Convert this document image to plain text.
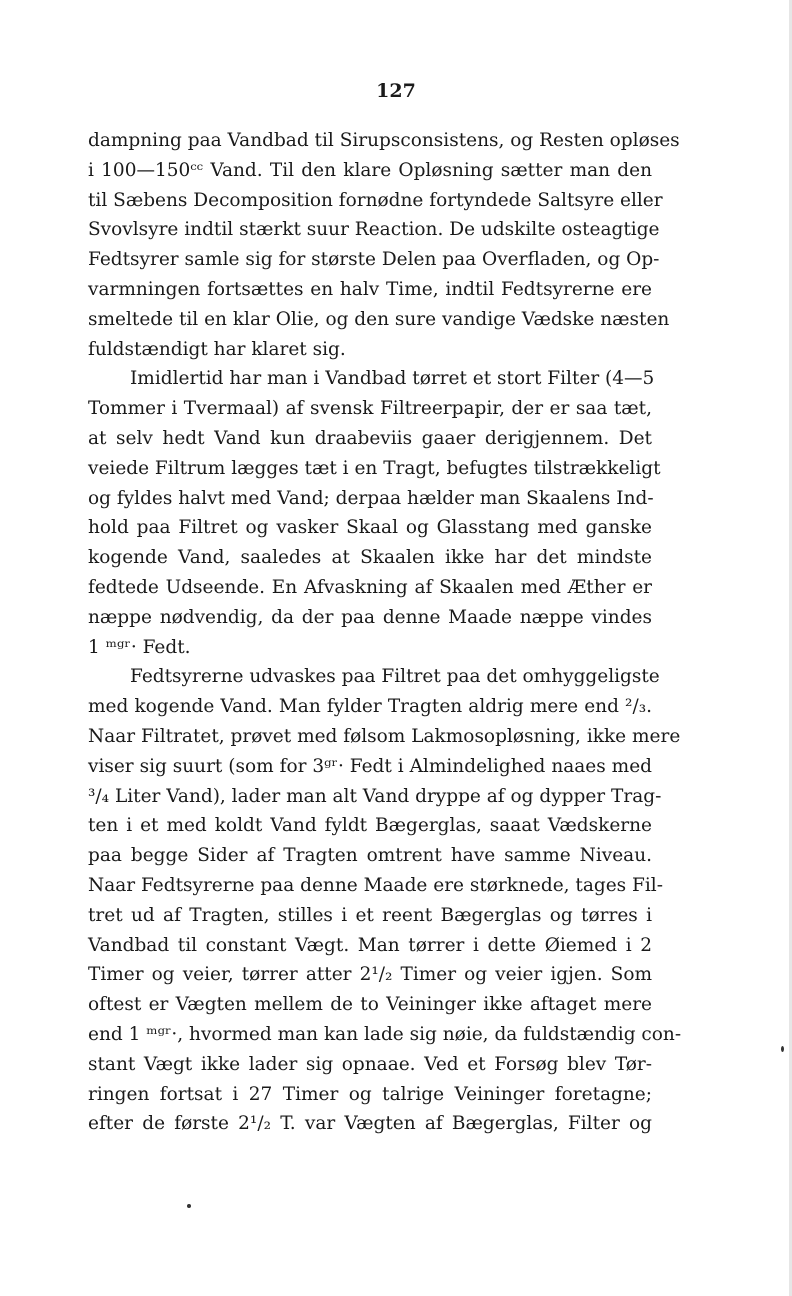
127
dampning paa Vandbad til Sirupsconsistens, og Resten opløses
i 100—150ᶜᶜ Vand. Til den klare Opløsning sætter man den
til Sæbens Decomposition fornødne fortyndede Saltsyre eller
Svovlsyre indtil stærkt suur Reaction. De udskilte osteagtige
Fedtsyrer samle sig for største Delen paa Overfladen, og Op-
varmningen fortsættes en halv Time, indtil Fedtsyrerne ere
smeltede til en klar Olie, og den sure vandige Vædske næsten
fuldstændigt har klaret sig.
Imidlertid har man i Vandbad tørret et stort Filter (4—5
Tommer i Tvermaal) af svensk Filtreerpapir, der er saa tæt,
at selv hedt Vand kun draabeviis gaaer derigjennem. Det
veiede Filtrum lægges tæt i en Tragt, befugtes tilstrækkeligt
og fyldes halvt med Vand; derpaa hælder man Skaalens Ind-
hold paa Filtret og vasker Skaal og Glasstang med ganske
kogende Vand, saaledes at Skaalen ikke har det mindste
fedtede Udseende. En Afvaskning af Skaalen med Æther er
næppe nødvendig, da der paa denne Maade næppe vindes
1 ᵐᵍʳ· Fedt.
Fedtsyrerne udvaskes paa Filtret paa det omhyggeligste
med kogende Vand. Man fylder Tragten aldrig mere end ²/₃.
Naar Filtratet, prøvet med følsom Lakmosopløsning, ikke mere
viser sig suurt (som for 3ᵍʳ· Fedt i Almindelighed naaes med
³/₄ Liter Vand), lader man alt Vand dryppe af og dypper Trag-
ten i et med koldt Vand fyldt Bægerglas, saaat Vædskerne
paa begge Sider af Tragten omtrent have samme Niveau.
Naar Fedtsyrerne paa denne Maade ere størknede, tages Fil-
tret ud af Tragten, stilles i et reent Bægerglas og tørres i
Vandbad til constant Vægt. Man tørrer i dette Øiemed i 2
Timer og veier, tørrer atter 2¹/₂ Timer og veier igjen. Som
oftest er Vægten mellem de to Veininger ikke aftaget mere
end 1 ᵐᵍʳ·, hvormed man kan lade sig nøie, da fuldstændig con-
stant Vægt ikke lader sig opnaae. Ved et Forsøg blev Tør-
ringen fortsat i 27 Timer og talrige Veininger foretagne;
efter de første 2¹/₂ T. var Vægten af Bægerglas, Filter og
